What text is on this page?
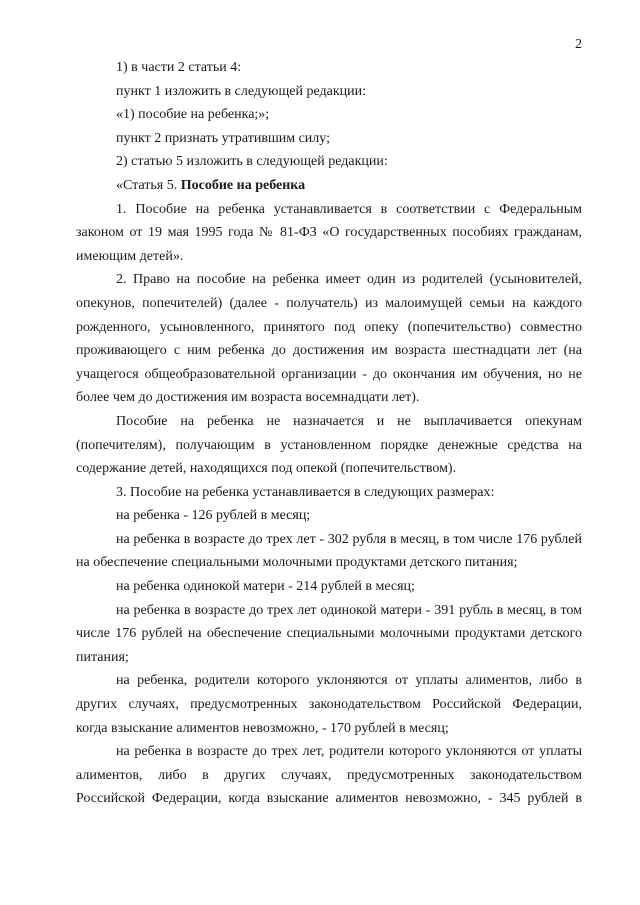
2
1) в части 2 статьи 4:
пункт 1 изложить в следующей редакции:
«1) пособие на ребенка;»;
пункт 2 признать утратившим силу;
2) статью 5 изложить в следующей редакции:
«Статья 5. Пособие на ребенка
1. Пособие на ребенка устанавливается в соответствии с Федеральным
законом от 19 мая 1995 года № 81-ФЗ «О государственных пособиях гражданам,
имеющим детей».
2. Право на пособие на ребенка имеет один из родителей (усыновителей,
опекунов, попечителей) (далее - получатель) из малоимущей семьи на каждого
рожденного, усыновленного, принятого под опеку (попечительство) совместно
проживающего с ним ребенка до достижения им возраста шестнадцати лет (на
учащегося общеобразовательной организации - до окончания им обучения, но не
более чем до достижения им возраста восемнадцати лет).
Пособие на ребенка не назначается и не выплачивается опекунам
(попечителям), получающим в установленном порядке денежные средства на
содержание детей, находящихся под опекой (попечительством).
3. Пособие на ребенка устанавливается в следующих размерах:
на ребенка - 126 рублей в месяц;
на ребенка в возрасте до трех лет - 302 рубля в месяц, в том числе 176 рублей
на обеспечение специальными молочными продуктами детского питания;
на ребенка одинокой матери - 214 рублей в месяц;
на ребенка в возрасте до трех лет одинокой матери - 391 рубль в месяц, в том
числе 176 рублей на обеспечение специальными молочными продуктами детского
питания;
на ребенка, родители которого уклоняются от уплаты алиментов, либо в
других случаях, предусмотренных законодательством Российской Федерации,
когда взыскание алиментов невозможно, - 170 рублей в месяц;
на ребенка в возрасте до трех лет, родители которого уклоняются от уплаты
алиментов, либо в других случаях, предусмотренных законодательством
Российской Федерации, когда взыскание алиментов невозможно, - 345 рублей в
